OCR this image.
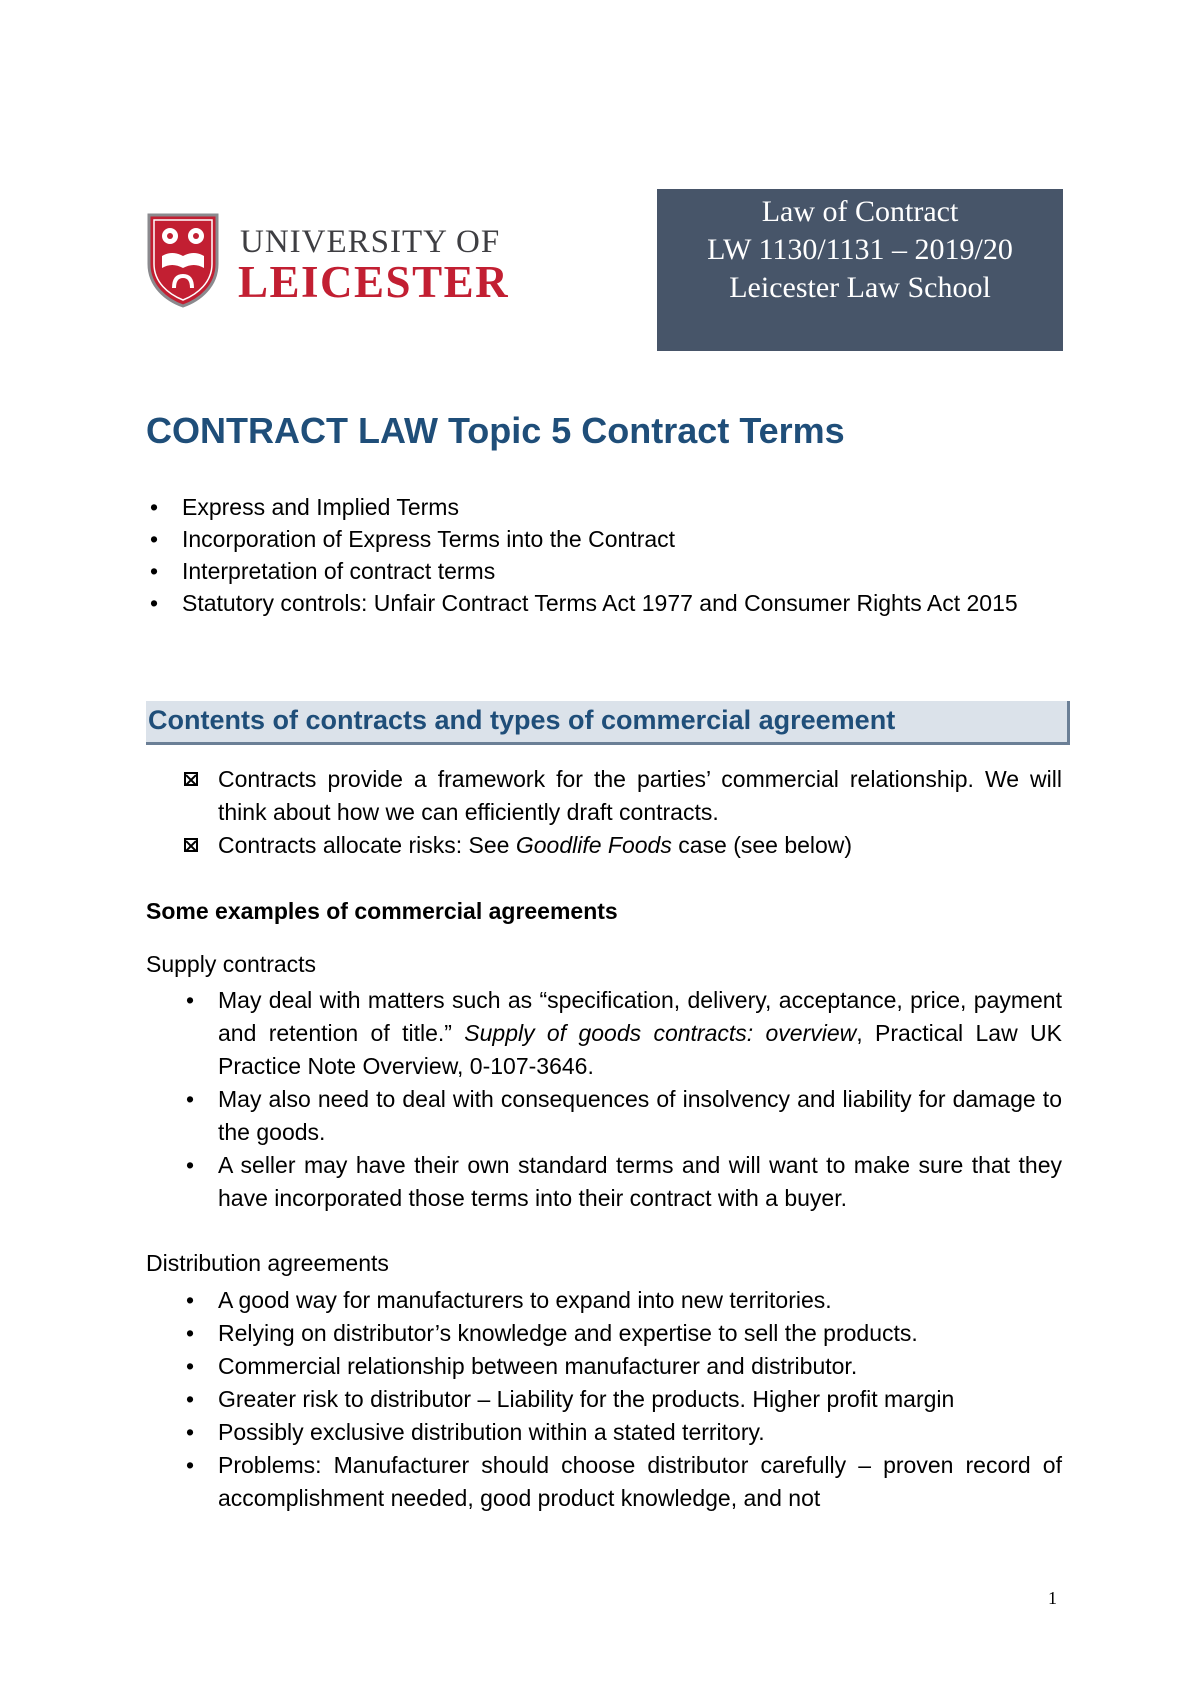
UNIVERSITY OF
LEICESTER
Law of Contract
LW 1130/1131 – 2019/20
Leicester Law School
CONTRACT LAW Topic 5 Contract Terms
• Express and Implied Terms
• Incorporation of Express Terms into the Contract
• Interpretation of contract terms
• Statutory controls: Unfair Contract Terms Act 1977 and Consumer Rights Act 2015
Contents of contracts and types of commercial agreement
Contracts provide a framework for the parties’ commercial relationship. We will think about how we can efficiently draft contracts.
Contracts allocate risks: See Goodlife Foods case (see below)
Some examples of commercial agreements
Supply contracts
• May deal with matters such as “specification, delivery, acceptance, price, payment and retention of title.” Supply of goods contracts: overview, Practical Law UK Practice Note Overview, 0-107-3646.
• May also need to deal with consequences of insolvency and liability for damage to the goods.
• A seller may have their own standard terms and will want to make sure that they have incorporated those terms into their contract with a buyer.
Distribution agreements
• A good way for manufacturers to expand into new territories.
• Relying on distributor’s knowledge and expertise to sell the products.
• Commercial relationship between manufacturer and distributor.
• Greater risk to distributor – Liability for the products. Higher profit margin
• Possibly exclusive distribution within a stated territory.
• Problems: Manufacturer should choose distributor carefully – proven record of accomplishment needed, good product knowledge, and not
1
